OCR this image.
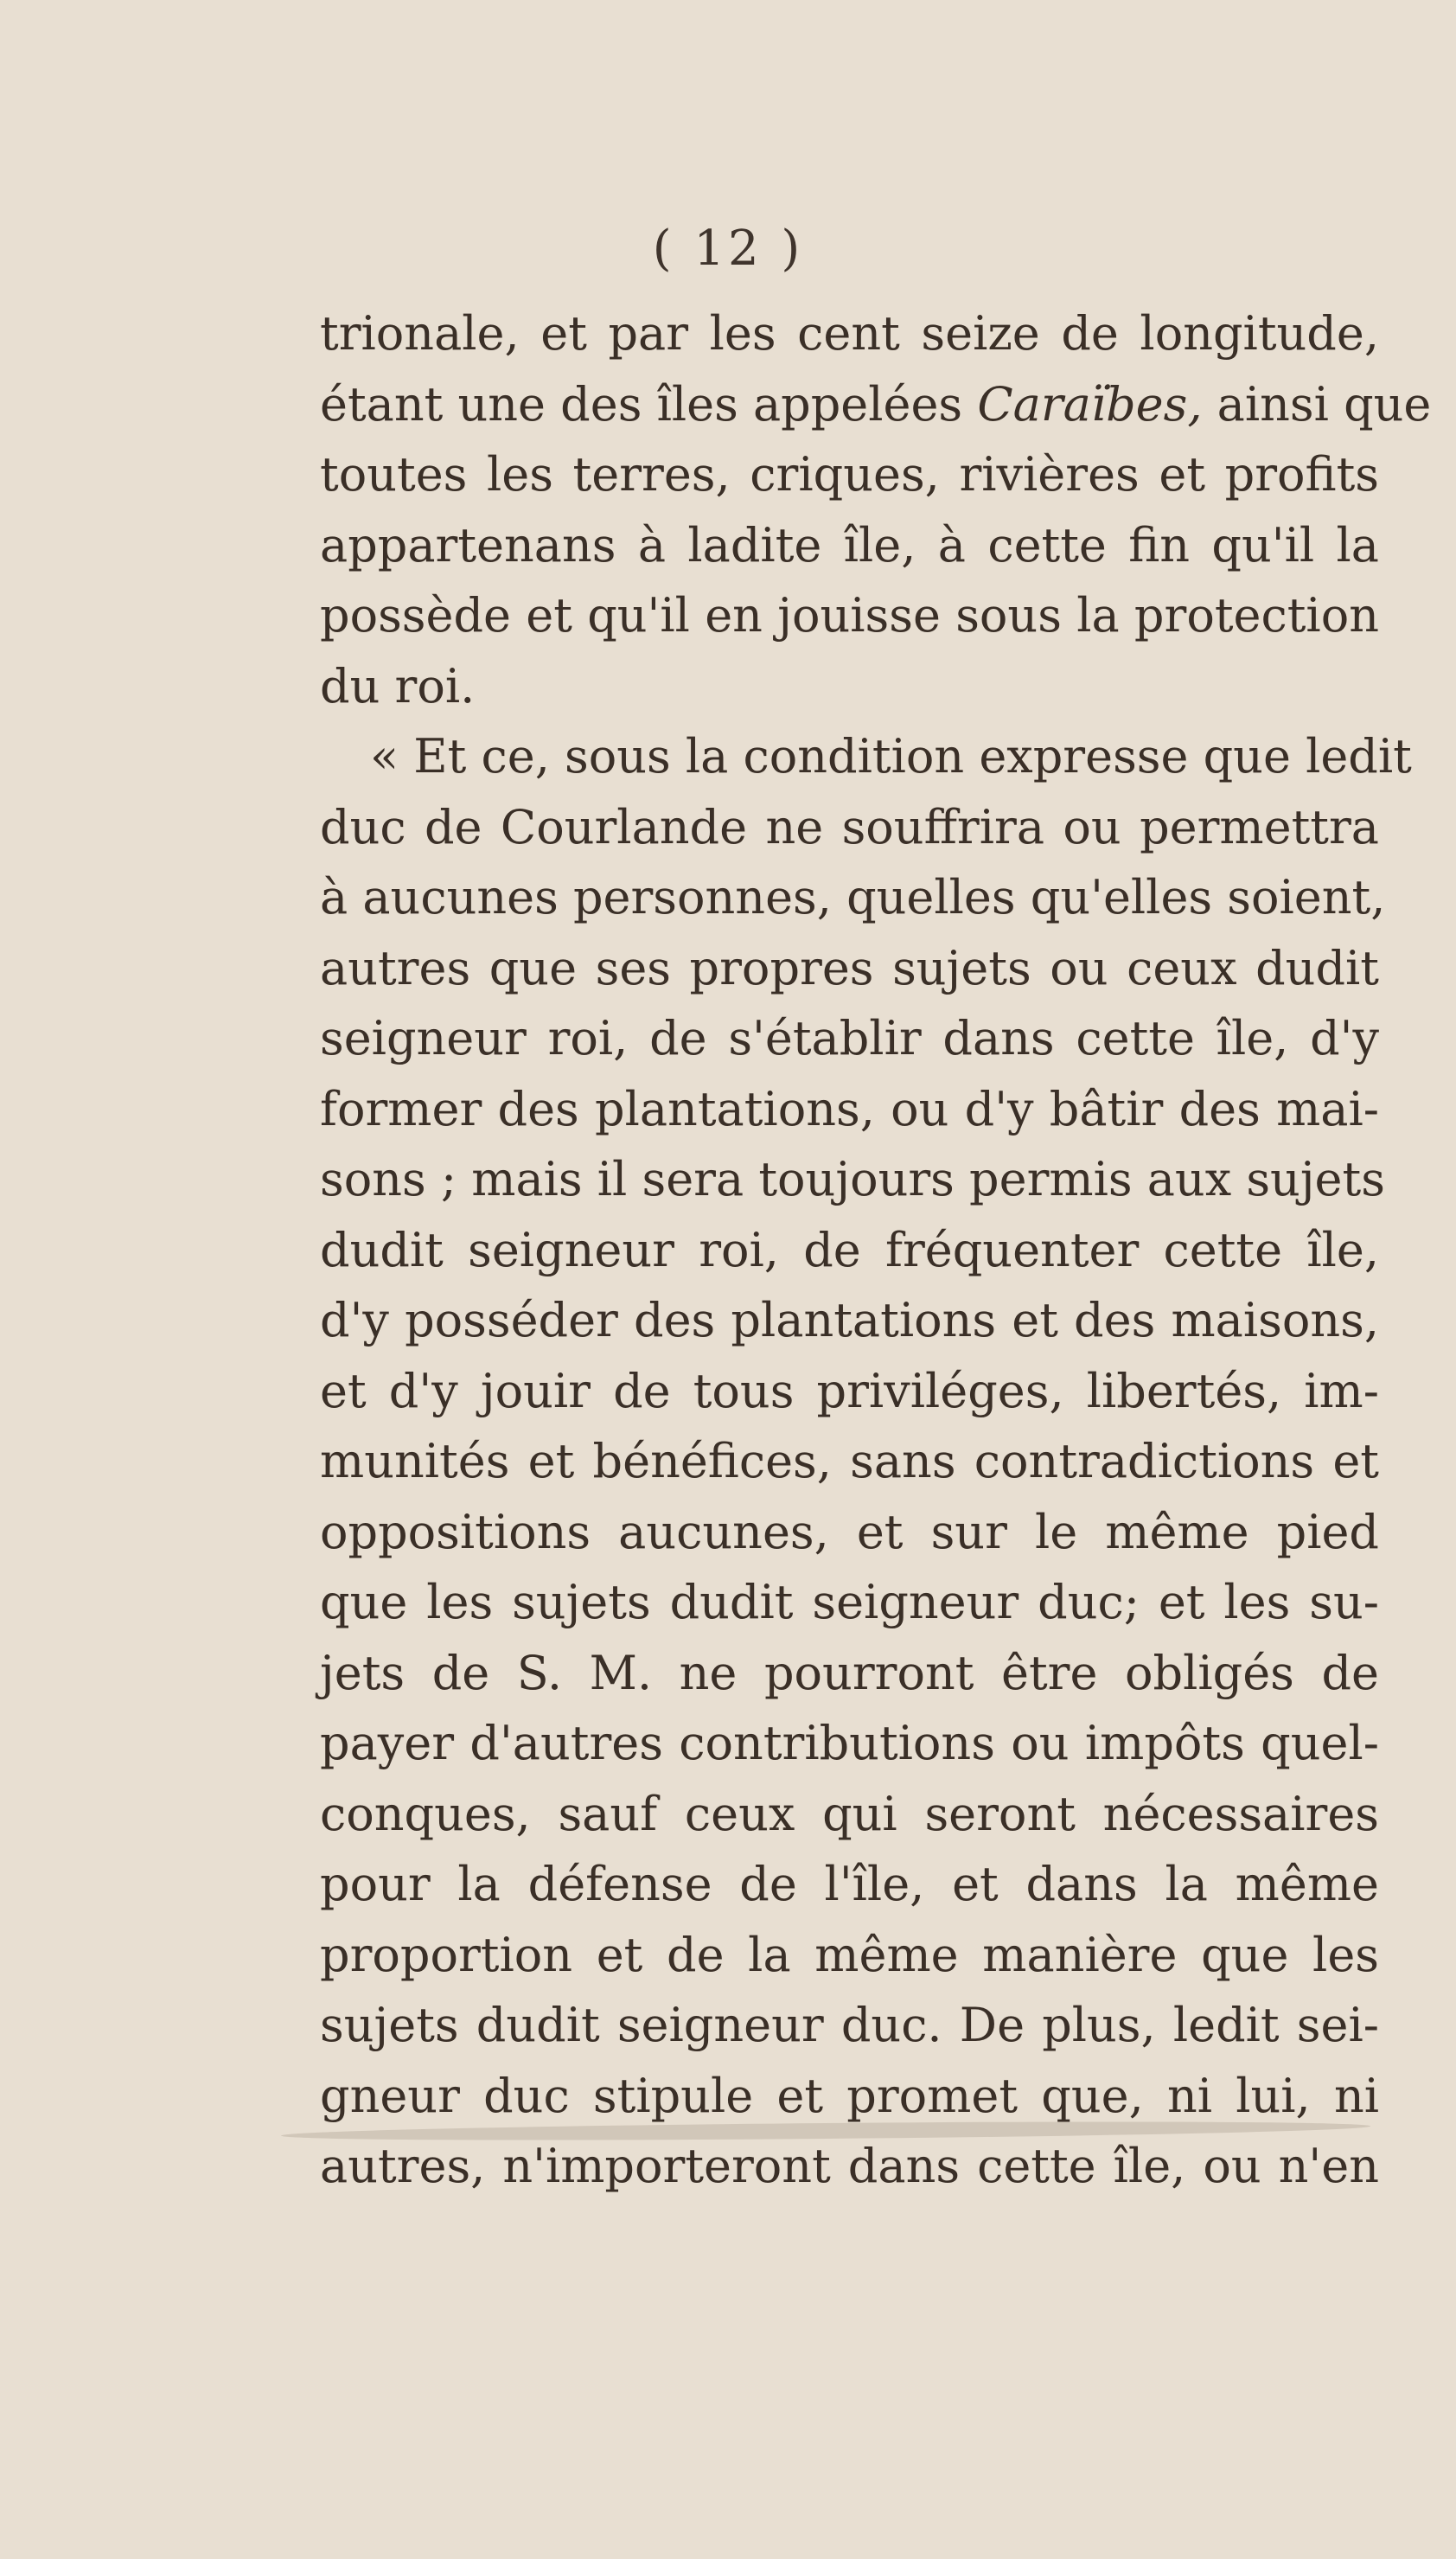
( 12 )
trionale, et par les cent seize de longitude,
étant une des îles appelées Caraïbes, ainsi que
toutes les terres, criques, rivières et profits
appartenans à ladite île, à cette fin qu'il la
possède et qu'il en jouisse sous la protection
du roi.
« Et ce, sous la condition expresse que ledit
duc de Courlande ne souffrira ou permettra
à aucunes personnes, quelles qu'elles soient,
autres que ses propres sujets ou ceux dudit
seigneur roi, de s'établir dans cette île, d'y
former des plantations, ou d'y bâtir des mai-
sons ; mais il sera toujours permis aux sujets
dudit seigneur roi, de fréquenter cette île,
d'y posséder des plantations et des maisons,
et d'y jouir de tous priviléges, libertés, im-
munités et bénéfices, sans contradictions et
oppositions aucunes, et sur le même pied
que les sujets dudit seigneur duc; et les su-
jets de S. M. ne pourront être obligés de
payer d'autres contributions ou impôts quel-
conques, sauf ceux qui seront nécessaires
pour la défense de l'île, et dans la même
proportion et de la même manière que les
sujets dudit seigneur duc. De plus, ledit sei-
gneur duc stipule et promet que, ni lui, ni
autres, n'importeront dans cette île, ou n'en
